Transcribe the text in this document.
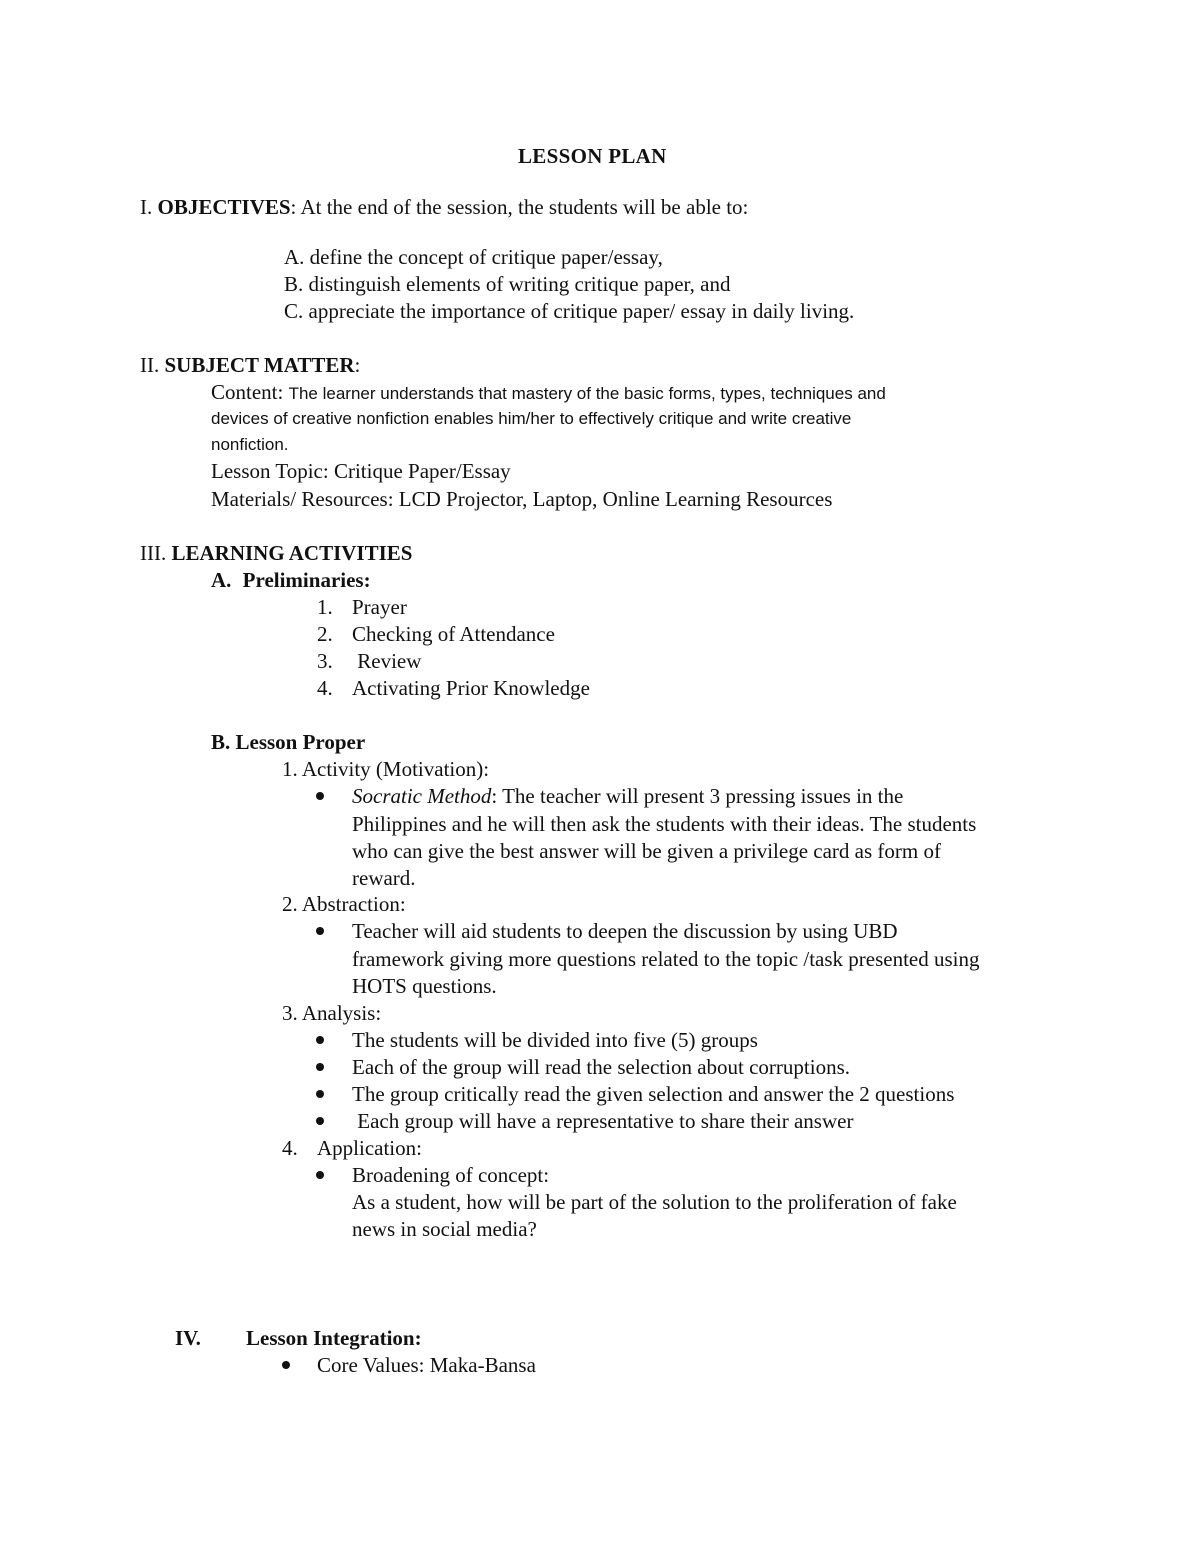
LESSON PLAN
I. OBJECTIVES: At the end of the session, the students will be able to:
A. define the concept of critique paper/essay,
B. distinguish elements of writing critique paper, and
C. appreciate the importance of critique paper/ essay in daily living.
II. SUBJECT MATTER:
Content: The learner understands that mastery of the basic forms, types, techniques and
devices of creative nonfiction enables him/her to effectively critique and write creative
nonfiction.
Lesson Topic: Critique Paper/Essay
Materials/ Resources: LCD Projector, Laptop, Online Learning Resources
III. LEARNING ACTIVITIES
A. Preliminaries:
1. Prayer
2. Checking of Attendance
3. Review
4. Activating Prior Knowledge
B. Lesson Proper
1. Activity (Motivation):
Socratic Method: The teacher will present 3 pressing issues in the
Philippines and he will then ask the students with their ideas. The students
who can give the best answer will be given a privilege card as form of
reward.
2. Abstraction:
Teacher will aid students to deepen the discussion by using UBD
framework giving more questions related to the topic /task presented using
HOTS questions.
3. Analysis:
The students will be divided into five (5) groups
Each of the group will read the selection about corruptions.
The group critically read the given selection and answer the 2 questions
Each group will have a representative to share their answer
4. Application:
Broadening of concept:
As a student, how will be part of the solution to the proliferation of fake
news in social media?
IV. Lesson Integration:
Core Values: Maka-Bansa
